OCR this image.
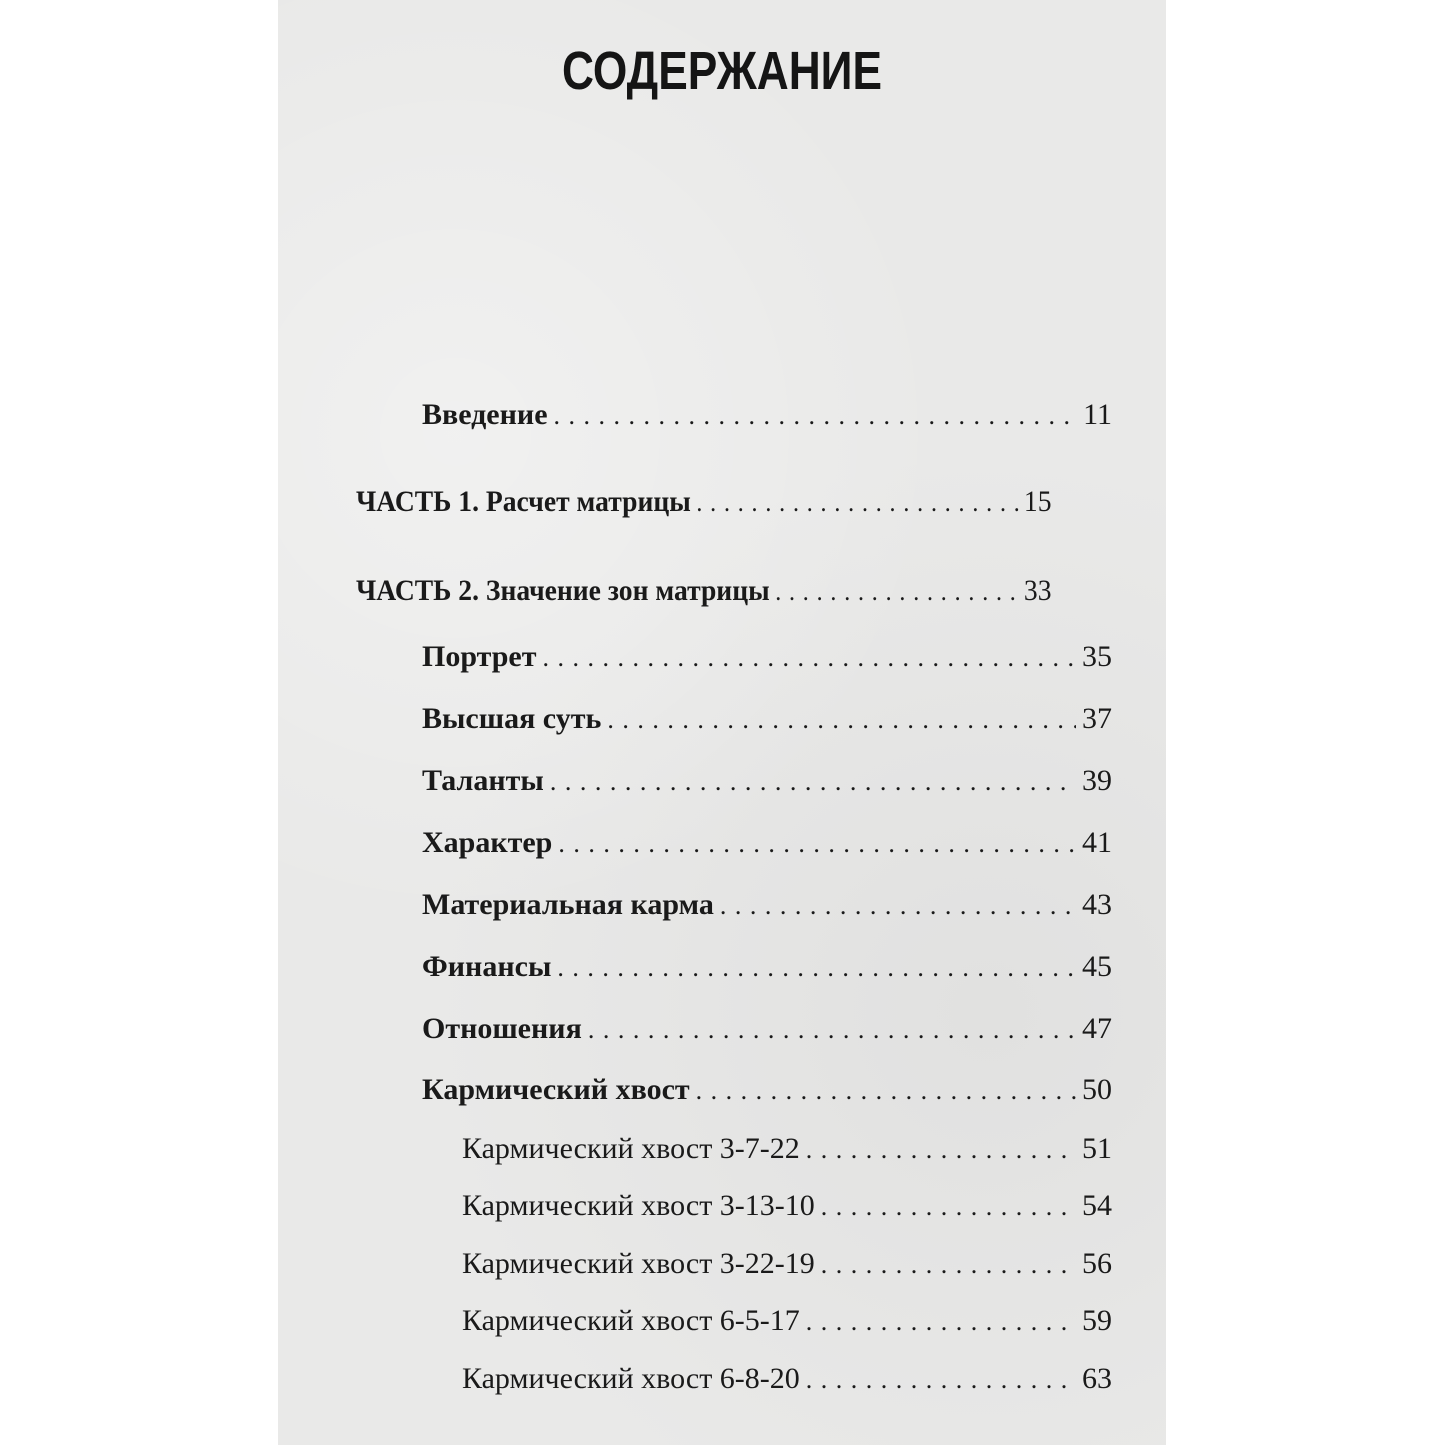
СОДЕРЖАНИЕ
Введение . . .	11
ЧАСТЬ 1. Расчет матрицы . . .	15
ЧАСТЬ 2. Значение зон матрицы . . .	33
Портрет . . .	35
Высшая суть . . .	37
Таланты . . .	39
Характер . . .	41
Материальная карма . . .	43
Финансы . . .	45
Отношения . . .	47
Кармический хвост . . .	50
Кармический хвост 3-7-22 . . .	51
Кармический хвост 3-13-10 . . .	54
Кармический хвост 3-22-19 . . .	56
Кармический хвост 6-5-17 . . .	59
Кармический хвост 6-8-20 . . .	63
